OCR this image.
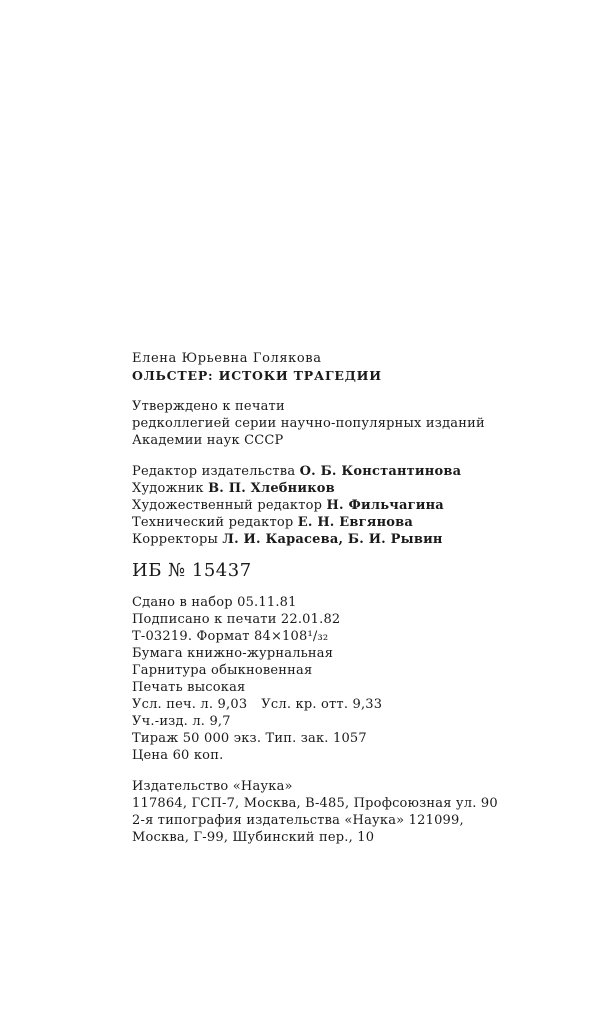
Елена Юрьевна Голякова
ОЛЬСТЕР: ИСТОКИ ТРАГЕДИИ
Утверждено к печати
редколлегией серии научно-популярных изданий
Академии наук СССР
Редактор издательства О. Б. Константинова
Художник В. П. Хлебников
Художественный редактор Н. Фильчагина
Технический редактор Е. Н. Евгянова
Корректоры Л. И. Карасева, Б. И. Рывин
ИБ № 15437
Сдано в набор 05.11.81
Подписано к печати 22.01.82
Т-03219. Формат 84×108¹/₃₂
Бумага книжно-журнальная
Гарнитура обыкновенная
Печать высокая
Усл. печ. л. 9,03 Усл. кр. отт. 9,33
Уч.-изд. л. 9,7
Тираж 50 000 экз. Тип. зак. 1057
Цена 60 коп.
Издательство «Наука»
117864, ГСП-7, Москва, В-485, Профсоюзная ул. 90
2-я типография издательства «Наука» 121099,
Москва, Г-99, Шубинский пер., 10
